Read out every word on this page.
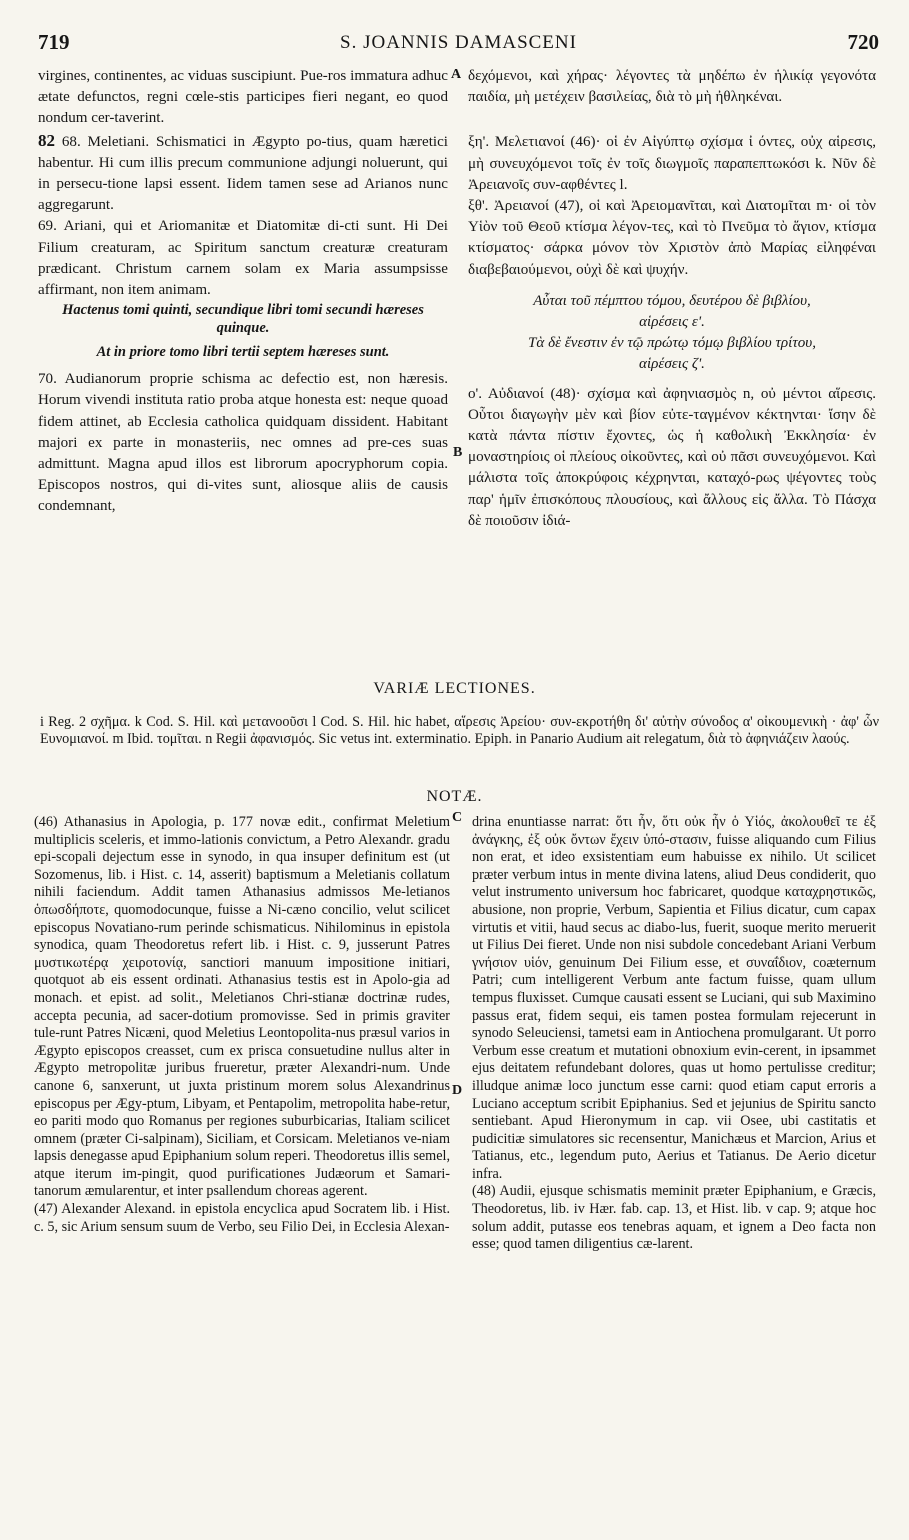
719	S. JOANNIS DAMASCENI	720

virgines, continentes, ac viduas suscipiunt. Pue-ros immatura adhuc ætate defunctos, regni cœle-stis participes fieri negant, eo quod nondum cer-taverint.

82 68. Meletiani. Schismatici in Ægypto po-tius, quam hæretici habentur. Hi cum illis precum communione adjungi noluerunt, qui in persecu-tione lapsi essent. Iidem tamen sese ad Arianos nunc aggregarunt.

69. Ariani, qui et Ariomanitæ et Diatomitæ di-cti sunt. Hi Dei Filium creaturam, ac Spiritum sanctum creaturæ creaturam prædicant. Christum carnem solam ex Maria assumpsisse affirmant, non item animam.

Hactenus tomi quinti, secundique libri tomi secundi hæreses quinque.

At in priore tomo libri tertii septem hæreses sunt.

70. Audianorum proprie schisma ac defectio est, non hæresis. Horum vivendi instituta ratio proba atque honesta est: neque quoad fidem attinet, ab Ecclesia catholica quidquam dissident. Habitant majori ex parte in monasteriis, nec omnes ad pre-ces suas admittunt. Magna apud illos est librorum apocryphorum copia. Episcopos nostros, qui di-vites sunt, aliosque aliis de causis condemnant,

A
B
C
D

δεχόμενοι, καὶ χήρας· λέγοντες τὰ μηδέπω ἐν ἡλικίᾳ γεγονότα παιδία, μὴ μετέχειν βασιλείας, διὰ τὸ μὴ ἠθληκέναι.

ξη'. Μελετιανοί (46)· οἱ ἐν Αἰγύπτῳ σχίσμα ἰ όντες, οὐχ αἱρεσις, μὴ συνευχόμενοι τοῖς ἐν τοῖς διωγμοῖς παραπεπτωκόσι k. Νῦν δὲ Ἀρειανοῖς συν-αφθέντες l.

ξθ'. Ἀρειανοί (47), οἱ καὶ Ἀρειομανῖται, καὶ Διατομῖται m· οἱ τὸν Υἱὸν τοῦ Θεοῦ κτίσμα λέγον-τες, καὶ τὸ Πνεῦμα τὸ ἅγιον, κτίσμα κτίσματος· σάρκα μόνον τὸν Χριστὸν ἀπὸ Μαρίας εἰληφέναι διαβεβαιούμενοι, οὐχὶ δὲ καὶ ψυχήν.

Αὗται τοῦ πέμπτου τόμου, δευτέρου δὲ βιβλίου,

αἱρέσεις ε'.

Τὰ δὲ ἔνεστιν ἐν τῷ πρώτῳ τόμῳ βιβλίου τρίτου,

αἱρέσεις ζ'.

ο'. Αὐδιανοί (48)· σχίσμα καὶ ἀφηνιασμὸς n, οὐ μέντοι αἵρεσις. Οὗτοι διαγωγὴν μὲν καὶ βίον εὐτε-ταγμένον κέκτηνται· ἴσην δὲ κατὰ πάντα πίστιν ἔχοντες, ὡς ἡ καθολικὴ Ἐκκλησία· ἐν μοναστηρίοις οἱ πλείους οἰκοῦντες, καὶ οὐ πᾶσι συνευχόμενοι. Καὶ μάλιστα τοῖς ἀποκρύφοις κέχρηνται, καταχό-ρως ψέγοντες τοὺς παρ' ἡμῖν ἐπισκόπους πλουσίους, καὶ ἄλλους εἰς ἄλλα. Τὸ Πάσχα δὲ ποιοῦσιν ἰδιά-

VARIÆ LECTIONES.
i Reg. 2 σχῆμα. k Cod. S. Hil. καὶ μετανοοῦσι l Cod. S. Hil. hic habet, αἵρεσις Ἀρείου· συν-εκροτήθη δι' αὐτὴν σύνοδος α' οἰκουμενικὴ · ἀφ' ὧν Ευνομιανοί. m Ibid. τομῖται. n Regii ἀφανισμός. Sic vetus int. exterminatio. Epiph. in Panario Audium ait relegatum, διὰ τὸ ἀφηνιάζειν λαούς.
NOTÆ.

(46) Athanasius in Apologia, p. 177 novæ edit., confirmat Meletium multiplicis sceleris, et immo-lationis convictum, a Petro Alexandr. gradu epi-scopali dejectum esse in synodo, in qua insuper definitum est (ut Sozomenus, lib. i Hist. c. 14, asserit) baptismum a Meletianis collatum nihili faciendum. Addit tamen Athanasius admissos Me-letianos ὁπωσδήποτε, quomodocunque, fuisse a Ni-cæno concilio, velut scilicet episcopus Novatiano-rum perinde schismaticus. Nihilominus in epistola synodica, quam Theodoretus refert lib. i Hist. c. 9, jusserunt Patres μυστικωτέρᾳ χειροτονίᾳ, sanctiori manuum impositione initiari, quotquot ab eis essent ordinati. Athanasius testis est in Apolo-gia ad monach. et epist. ad solit., Meletianos Chri-stianæ doctrinæ rudes, accepta pecunia, ad sacer-dotium promovisse. Sed in primis graviter tule-runt Patres Nicæni, quod Meletius Leontopolita-nus præsul varios in Ægypto episcopos creasset, cum ex prisca consuetudine nullus alter in Ægypto metropolitæ juribus frueretur, præter Alexandri-num. Unde canone 6, sanxerunt, ut juxta pristinum morem solus Alexandrinus episcopus per Ægy-ptum, Libyam, et Pentapolim, metropolita habe-retur, eo pariti modo quo Romanus per regiones suburbicarias, Italiam scilicet omnem (præter Ci-salpinam), Siciliam, et Corsicam. Meletianos ve-niam lapsis denegasse apud Epiphanium solum reperi. Theodoretus illis semel, atque iterum im-pingit, quod purificationes Judæorum et Samari-tanorum æmularentur, et inter psallendum choreas agerent.

(47) Alexander Alexand. in epistola encyclica apud Socratem lib. i Hist. c. 5, sic Arium sensum suum de Verbo, seu Filio Dei, in Ecclesia Alexan-

drina enuntiasse narrat: ὅτι ἦν, ὅτι οὐκ ἦν ὁ Υἱός, ἀκολουθεῖ τε ἐξ ἀνάγκης, ἐξ οὐκ ὄντων ἔχειν ὑπό-στασιν, fuisse aliquando cum Filius non erat, et ideo exsistentiam eum habuisse ex nihilo. Ut scilicet præter verbum intus in mente divina latens, aliud Deus condiderit, quo velut instrumento universum hoc fabricaret, quodque καταχρηστικῶς, abusione, non proprie, Verbum, Sapientia et Filius dicatur, cum capax virtutis et vitii, haud secus ac diabo-lus, fuerit, suoque merito meruerit ut Filius Dei fieret. Unde non nisi subdole concedebant Ariani Verbum γνήσιον υἱόν, genuinum Dei Filium esse, et συναΐδιον, coæternum Patri; cum intelligerent Verbum ante factum fuisse, quam ullum tempus fluxisset. Cumque causati essent se Luciani, qui sub Maximino passus erat, fidem sequi, eis tamen postea formulam rejecerunt in synodo Seleuciensi, tametsi eam in Antiochena promulgarant. Ut porro Verbum esse creatum et mutationi obnoxium evin-cerent, in ipsammet ejus deitatem refundebant dolores, quas ut homo pertulisse creditur; illudque animæ loco junctum esse carni: quod etiam caput erroris a Luciano acceptum scribit Epiphanius. Sed et jejunius de Spiritu sancto sentiebant. Apud Hieronymum in cap. vii Osee, ubi castitatis et pudicitiæ simulatores sic recensentur, Manichæus et Marcion, Arius et Tatianus, etc., legendum puto, Aerius et Tatianus. De Aerio dicetur infra.

(48) Audii, ejusque schismatis meminit præter Epiphanium, e Græcis, Theodoretus, lib. iv Hær. fab. cap. 13, et Hist. lib. v cap. 9; atque hoc solum addit, putasse eos tenebras aquam, et ignem a Deo facta non esse; quod tamen diligentius cæ-larent.
